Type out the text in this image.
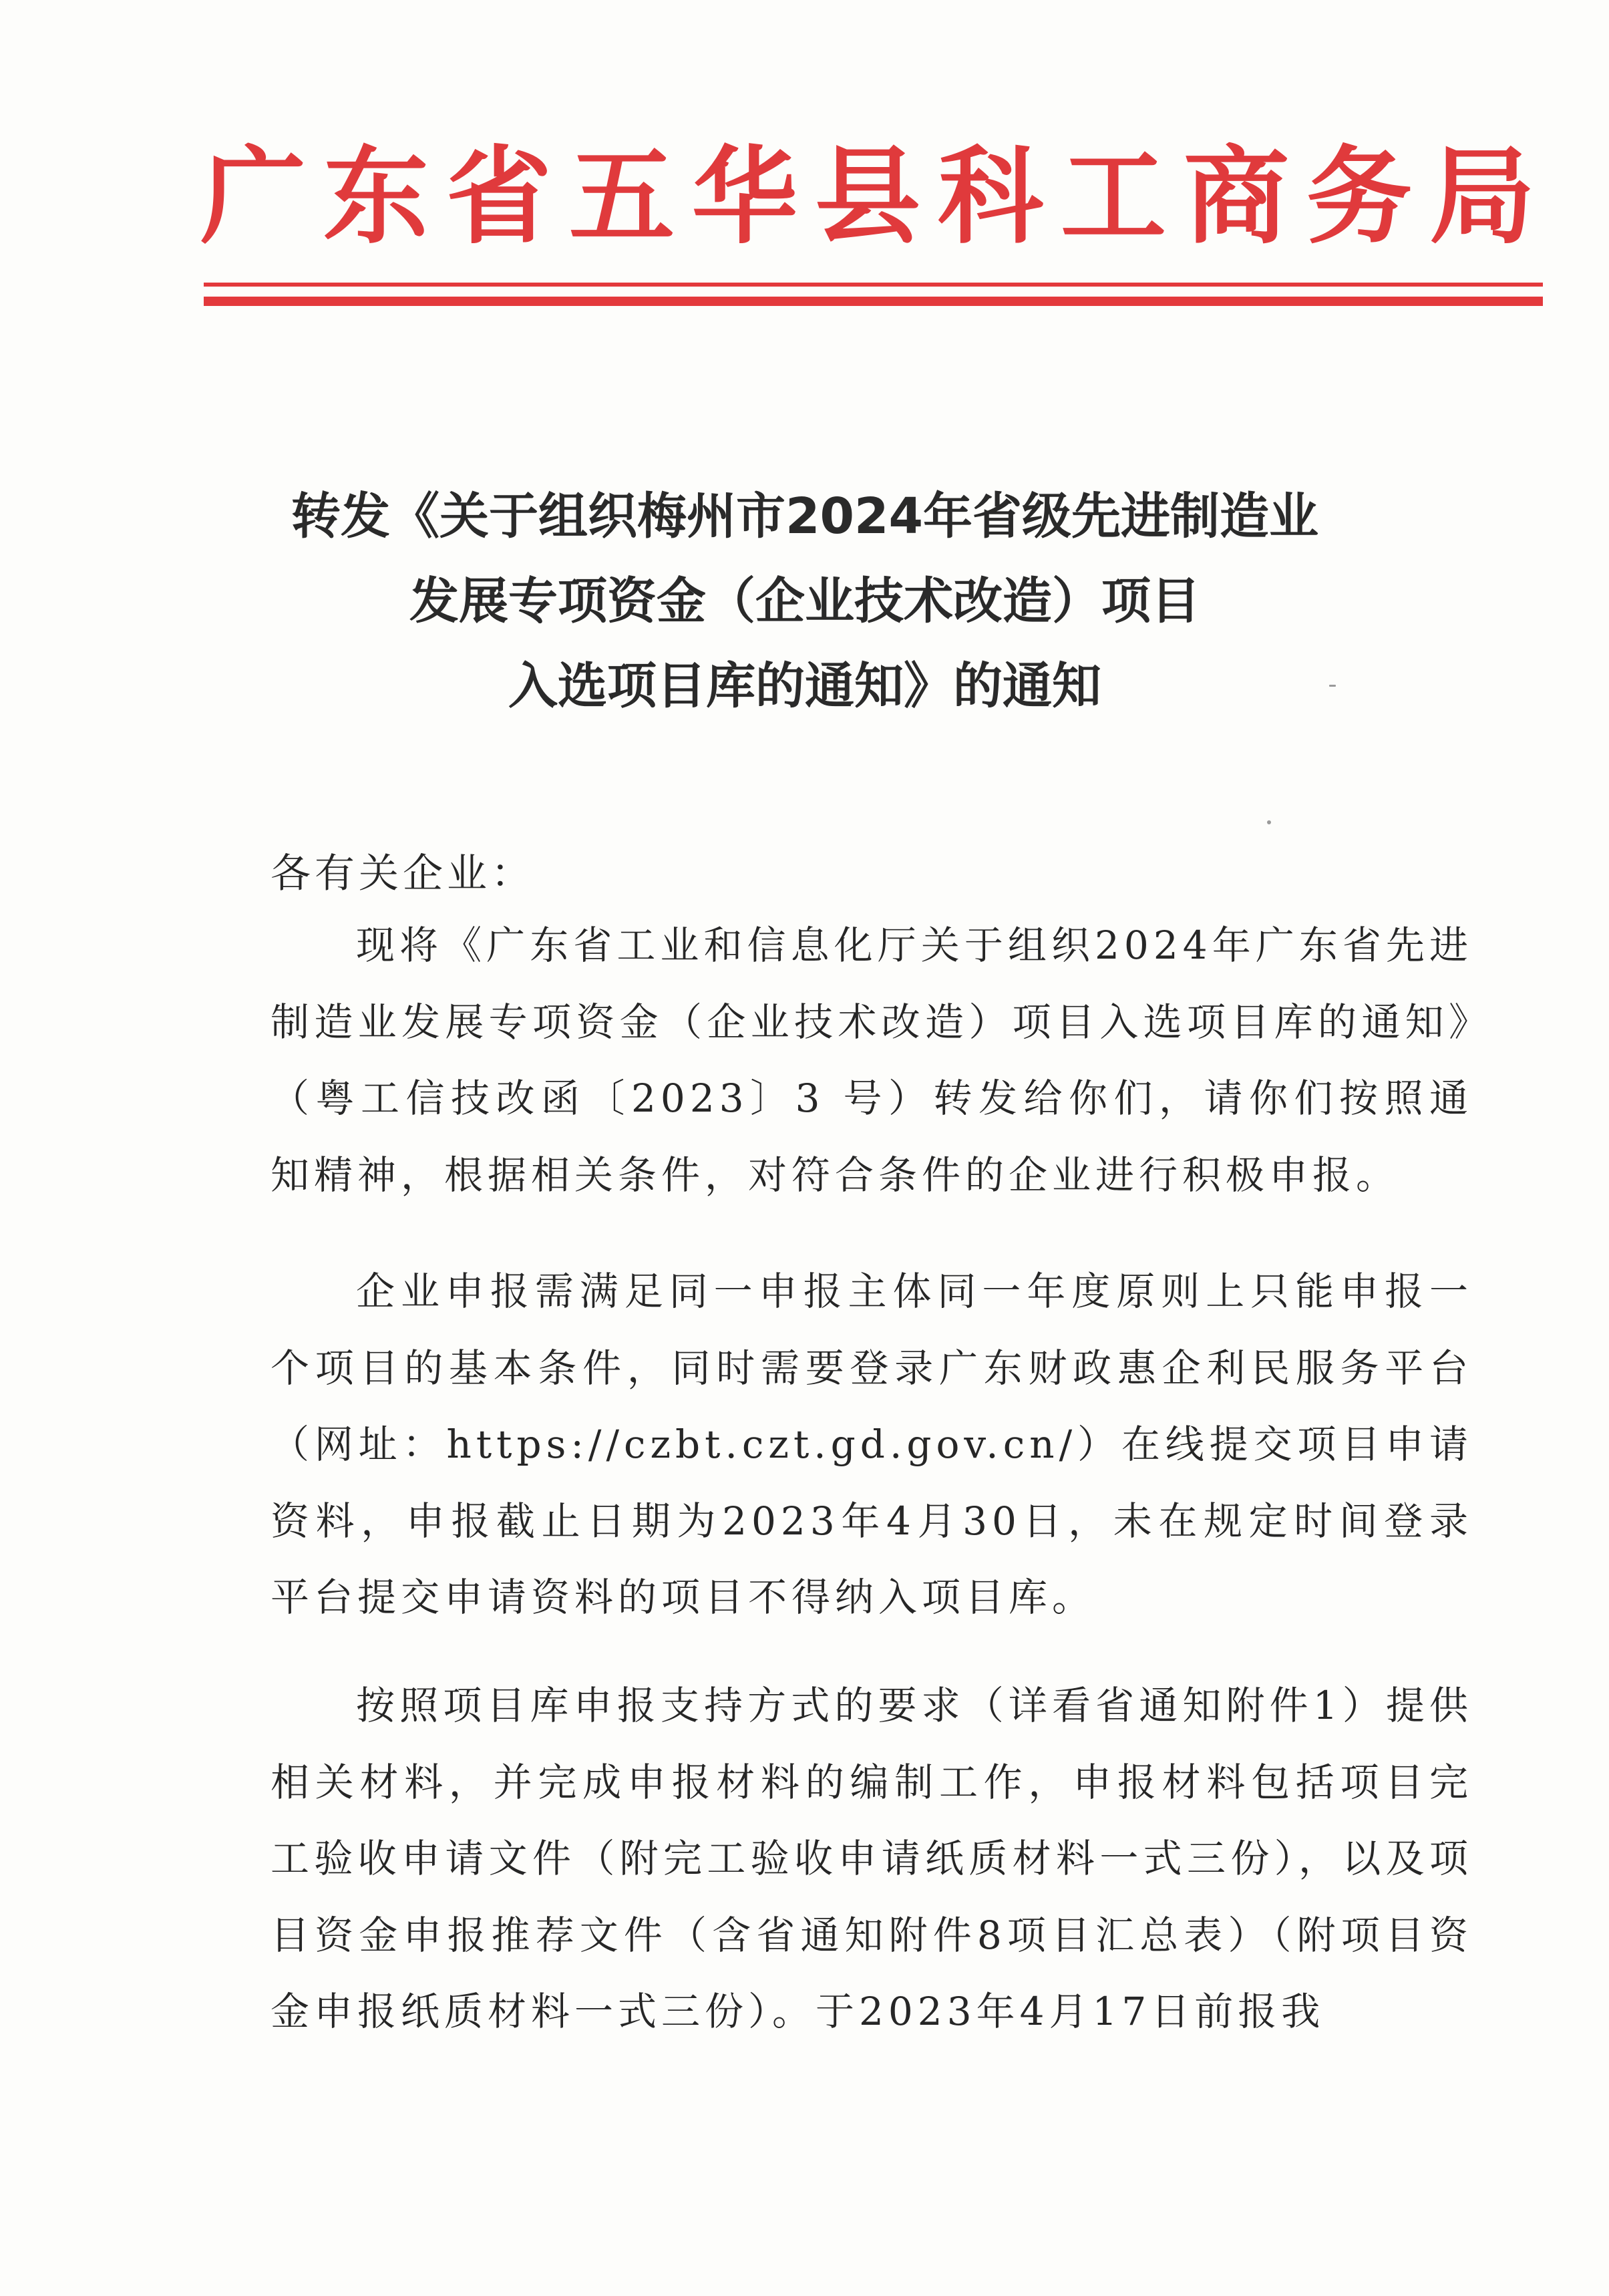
广东省五华县科工商务局
转发《关于组织梅州市2024年省级先进制造业
发展专项资金（企业技术改造）项目
入选项目库的通知》的通知
各有关企业：

现将《广东省工业和信息化厅关于组织2024年广东省先进制造业发展专项资金（企业技术改造）项目入选项目库的通知》（粤工信技改函〔2023〕3 号）转发给你们，请你们按照通知精神，根据相关条件，对符合条件的企业进行积极申报。

企业申报需满足同一申报主体同一年度原则上只能申报一个项目的基本条件，同时需要登录广东财政惠企利民服务平台（网址：https://czbt.czt.gd.gov.cn/）在线提交项目申请资料，申报截止日期为2023年4月30日，未在规定时间登录平台提交申请资料的项目不得纳入项目库。

按照项目库申报支持方式的要求（详看省通知附件1）提供相关材料，并完成申报材料的编制工作，申报材料包括项目完工验收申请文件（附完工验收申请纸质材料一式三份），以及项目资金申报推荐文件（含省通知附件8项目汇总表）（附项目资金申报纸质材料一式三份）。于2023年4月17日前报我
